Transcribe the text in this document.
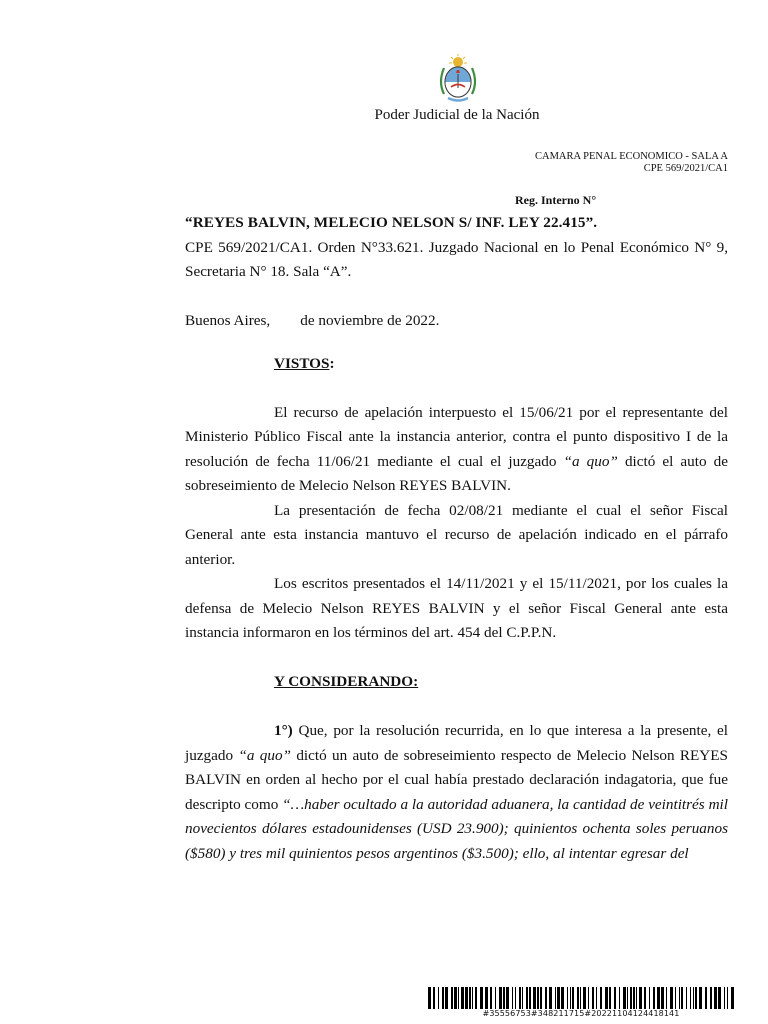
Poder Judicial de la Nación
CAMARA PENAL ECONOMICO - SALA A
CPE 569/2021/CA1
Reg. Interno N°

“REYES BALVIN, MELECIO NELSON S/ INF. LEY 22.415”.

CPE 569/2021/CA1. Orden N°33.621. Juzgado Nacional en lo Penal Económico N° 9, Secretaria N° 18. Sala “A”.

Buenos Aires, de noviembre de 2022.

VISTOS:

El recurso de apelación interpuesto el 15/06/21 por el representante del Ministerio Público Fiscal ante la instancia anterior, contra el punto dispositivo I de la resolución de fecha 11/06/21 mediante el cual el juzgado “a quo” dictó el auto de sobreseimiento de Melecio Nelson REYES BALVIN.

La presentación de fecha 02/08/21 mediante el cual el señor Fiscal General ante esta instancia mantuvo el recurso de apelación indicado en el párrafo anterior.

Los escritos presentados el 14/11/2021 y el 15/11/2021, por los cuales la defensa de Melecio Nelson REYES BALVIN y el señor Fiscal General ante esta instancia informaron en los términos del art. 454 del C.P.P.N.

Y CONSIDERANDO:

1°) Que, por la resolución recurrida, en lo que interesa a la presente, el juzgado “a quo” dictó un auto de sobreseimiento respecto de Melecio Nelson REYES BALVIN en orden al hecho por el cual había prestado declaración indagatoria, que fue descripto como “…haber ocultado a la autoridad aduanera, la cantidad de veintitrés mil novecientos dólares estadounidenses (USD 23.900); quinientos ochenta soles peruanos ($580) y tres mil quinientos pesos argentinos ($3.500); ello, al intentar egresar del

#35556753#348211715#20221104124418141
